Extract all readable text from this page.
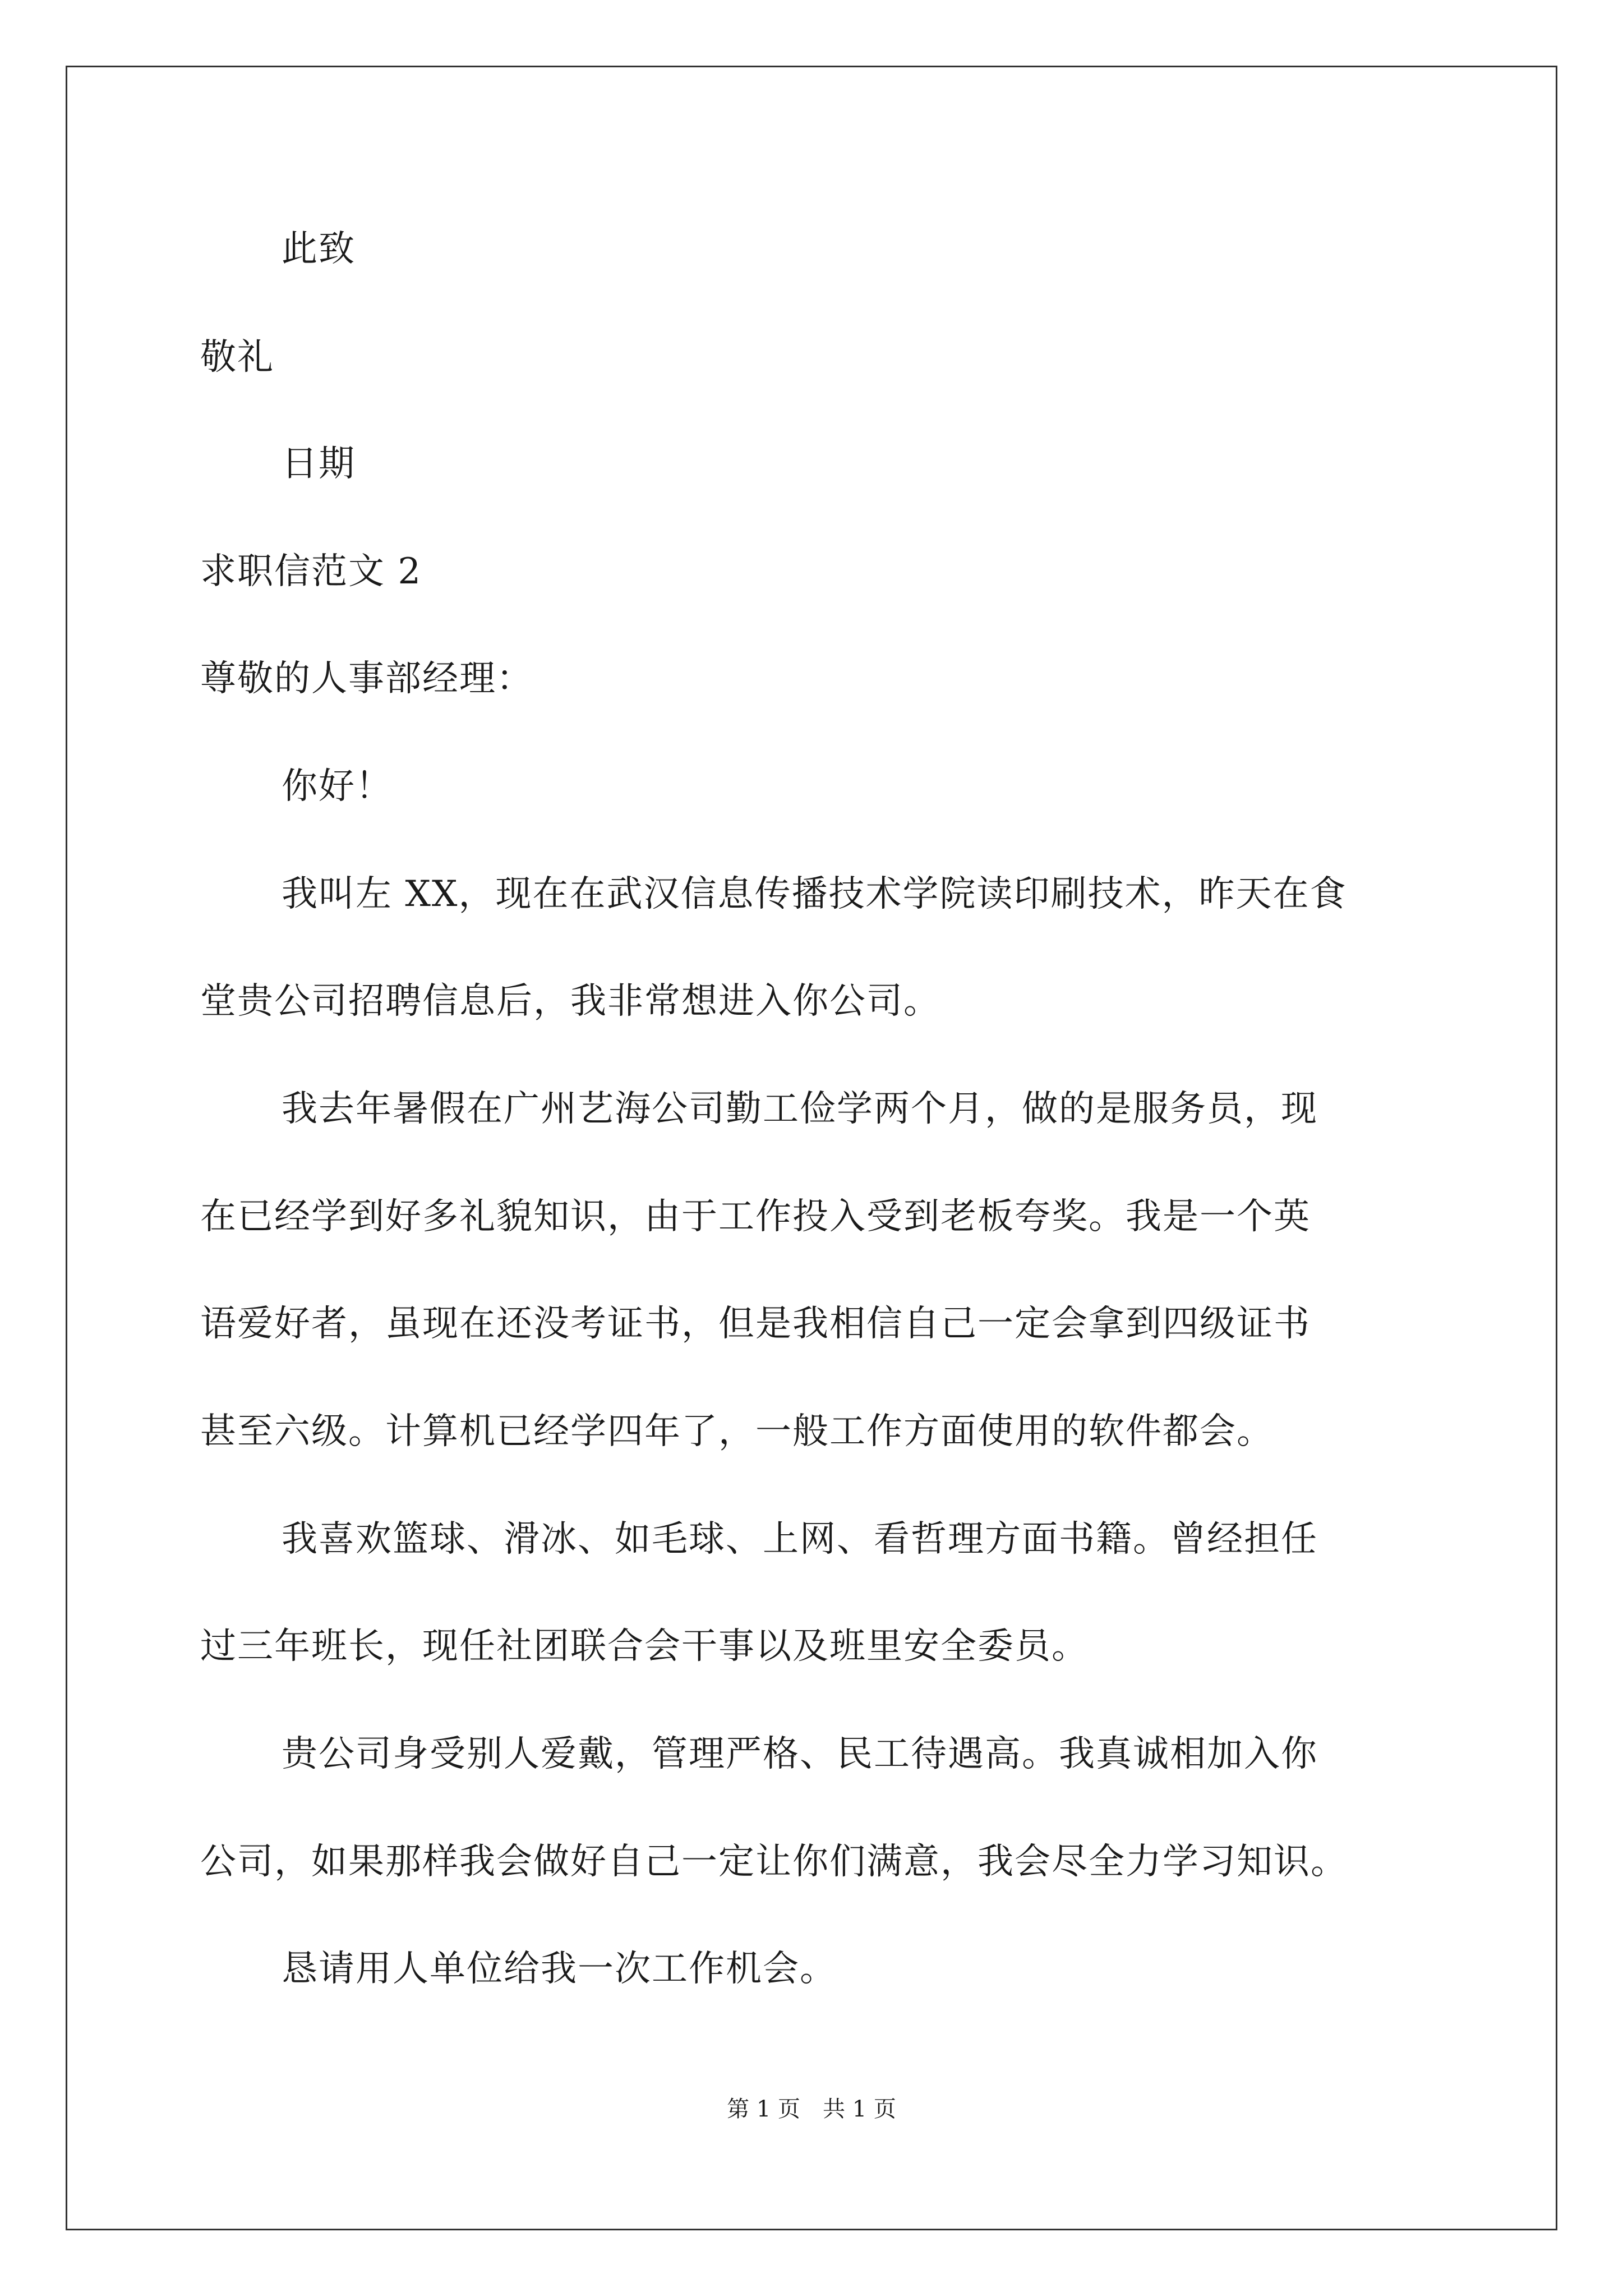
此致
敬礼
日期
求职信范文 2
尊敬的人事部经理：
你好！
我叫左 XX，现在在武汉信息传播技术学院读印刷技术，昨天在食
堂贵公司招聘信息后，我非常想进入你公司。
我去年暑假在广州艺海公司勤工俭学两个月，做的是服务员，现
在已经学到好多礼貌知识，由于工作投入受到老板夸奖。我是一个英
语爱好者，虽现在还没考证书，但是我相信自己一定会拿到四级证书
甚至六级。计算机已经学四年了，一般工作方面使用的软件都会。
我喜欢篮球、滑冰、如毛球、上网、看哲理方面书籍。曾经担任
过三年班长，现任社团联合会干事以及班里安全委员。
贵公司身受别人爱戴，管理严格、民工待遇高。我真诚相加入你
公司，如果那样我会做好自己一定让你们满意，我会尽全力学习知识。
恳请用人单位给我一次工作机会。
第 1 页　共 1 页
